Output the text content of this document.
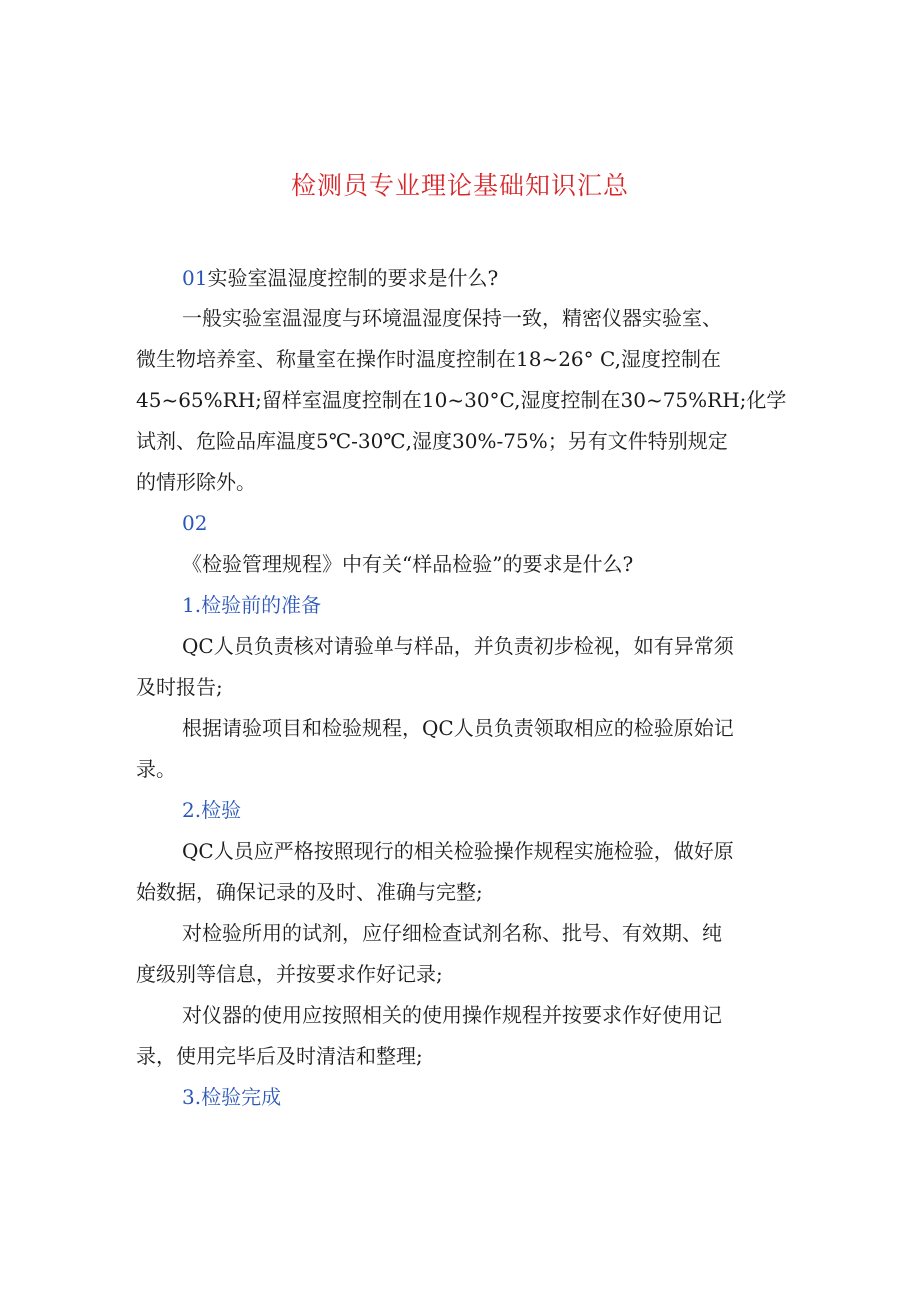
检测员专业理论基础知识汇总
01实验室温湿度控制的要求是什么?
一般实验室温湿度与环境温湿度保持一致，精密仪器实验室、
微生物培养室、称量室在操作时温度控制在18~26° C,湿度控制在
45~65%RH;留样室温度控制在10~30°C,湿度控制在30~75%RH;化学
试剂、危险品库温度5℃-30℃,湿度30%-75%；另有文件特别规定
的情形除外。
02
《检验管理规程》中有关“样品检验”的要求是什么?
1.检验前的准备
QC人员负责核对请验单与样品，并负责初步检视，如有异常须
及时报告;
根据请验项目和检验规程，QC人员负责领取相应的检验原始记
录。
2.检验
QC人员应严格按照现行的相关检验操作规程实施检验，做好原
始数据，确保记录的及时、准确与完整;
对检验所用的试剂，应仔细检查试剂名称、批号、有效期、纯
度级别等信息，并按要求作好记录;
对仪器的使用应按照相关的使用操作规程并按要求作好使用记
录，使用完毕后及时清洁和整理;
3.检验完成
